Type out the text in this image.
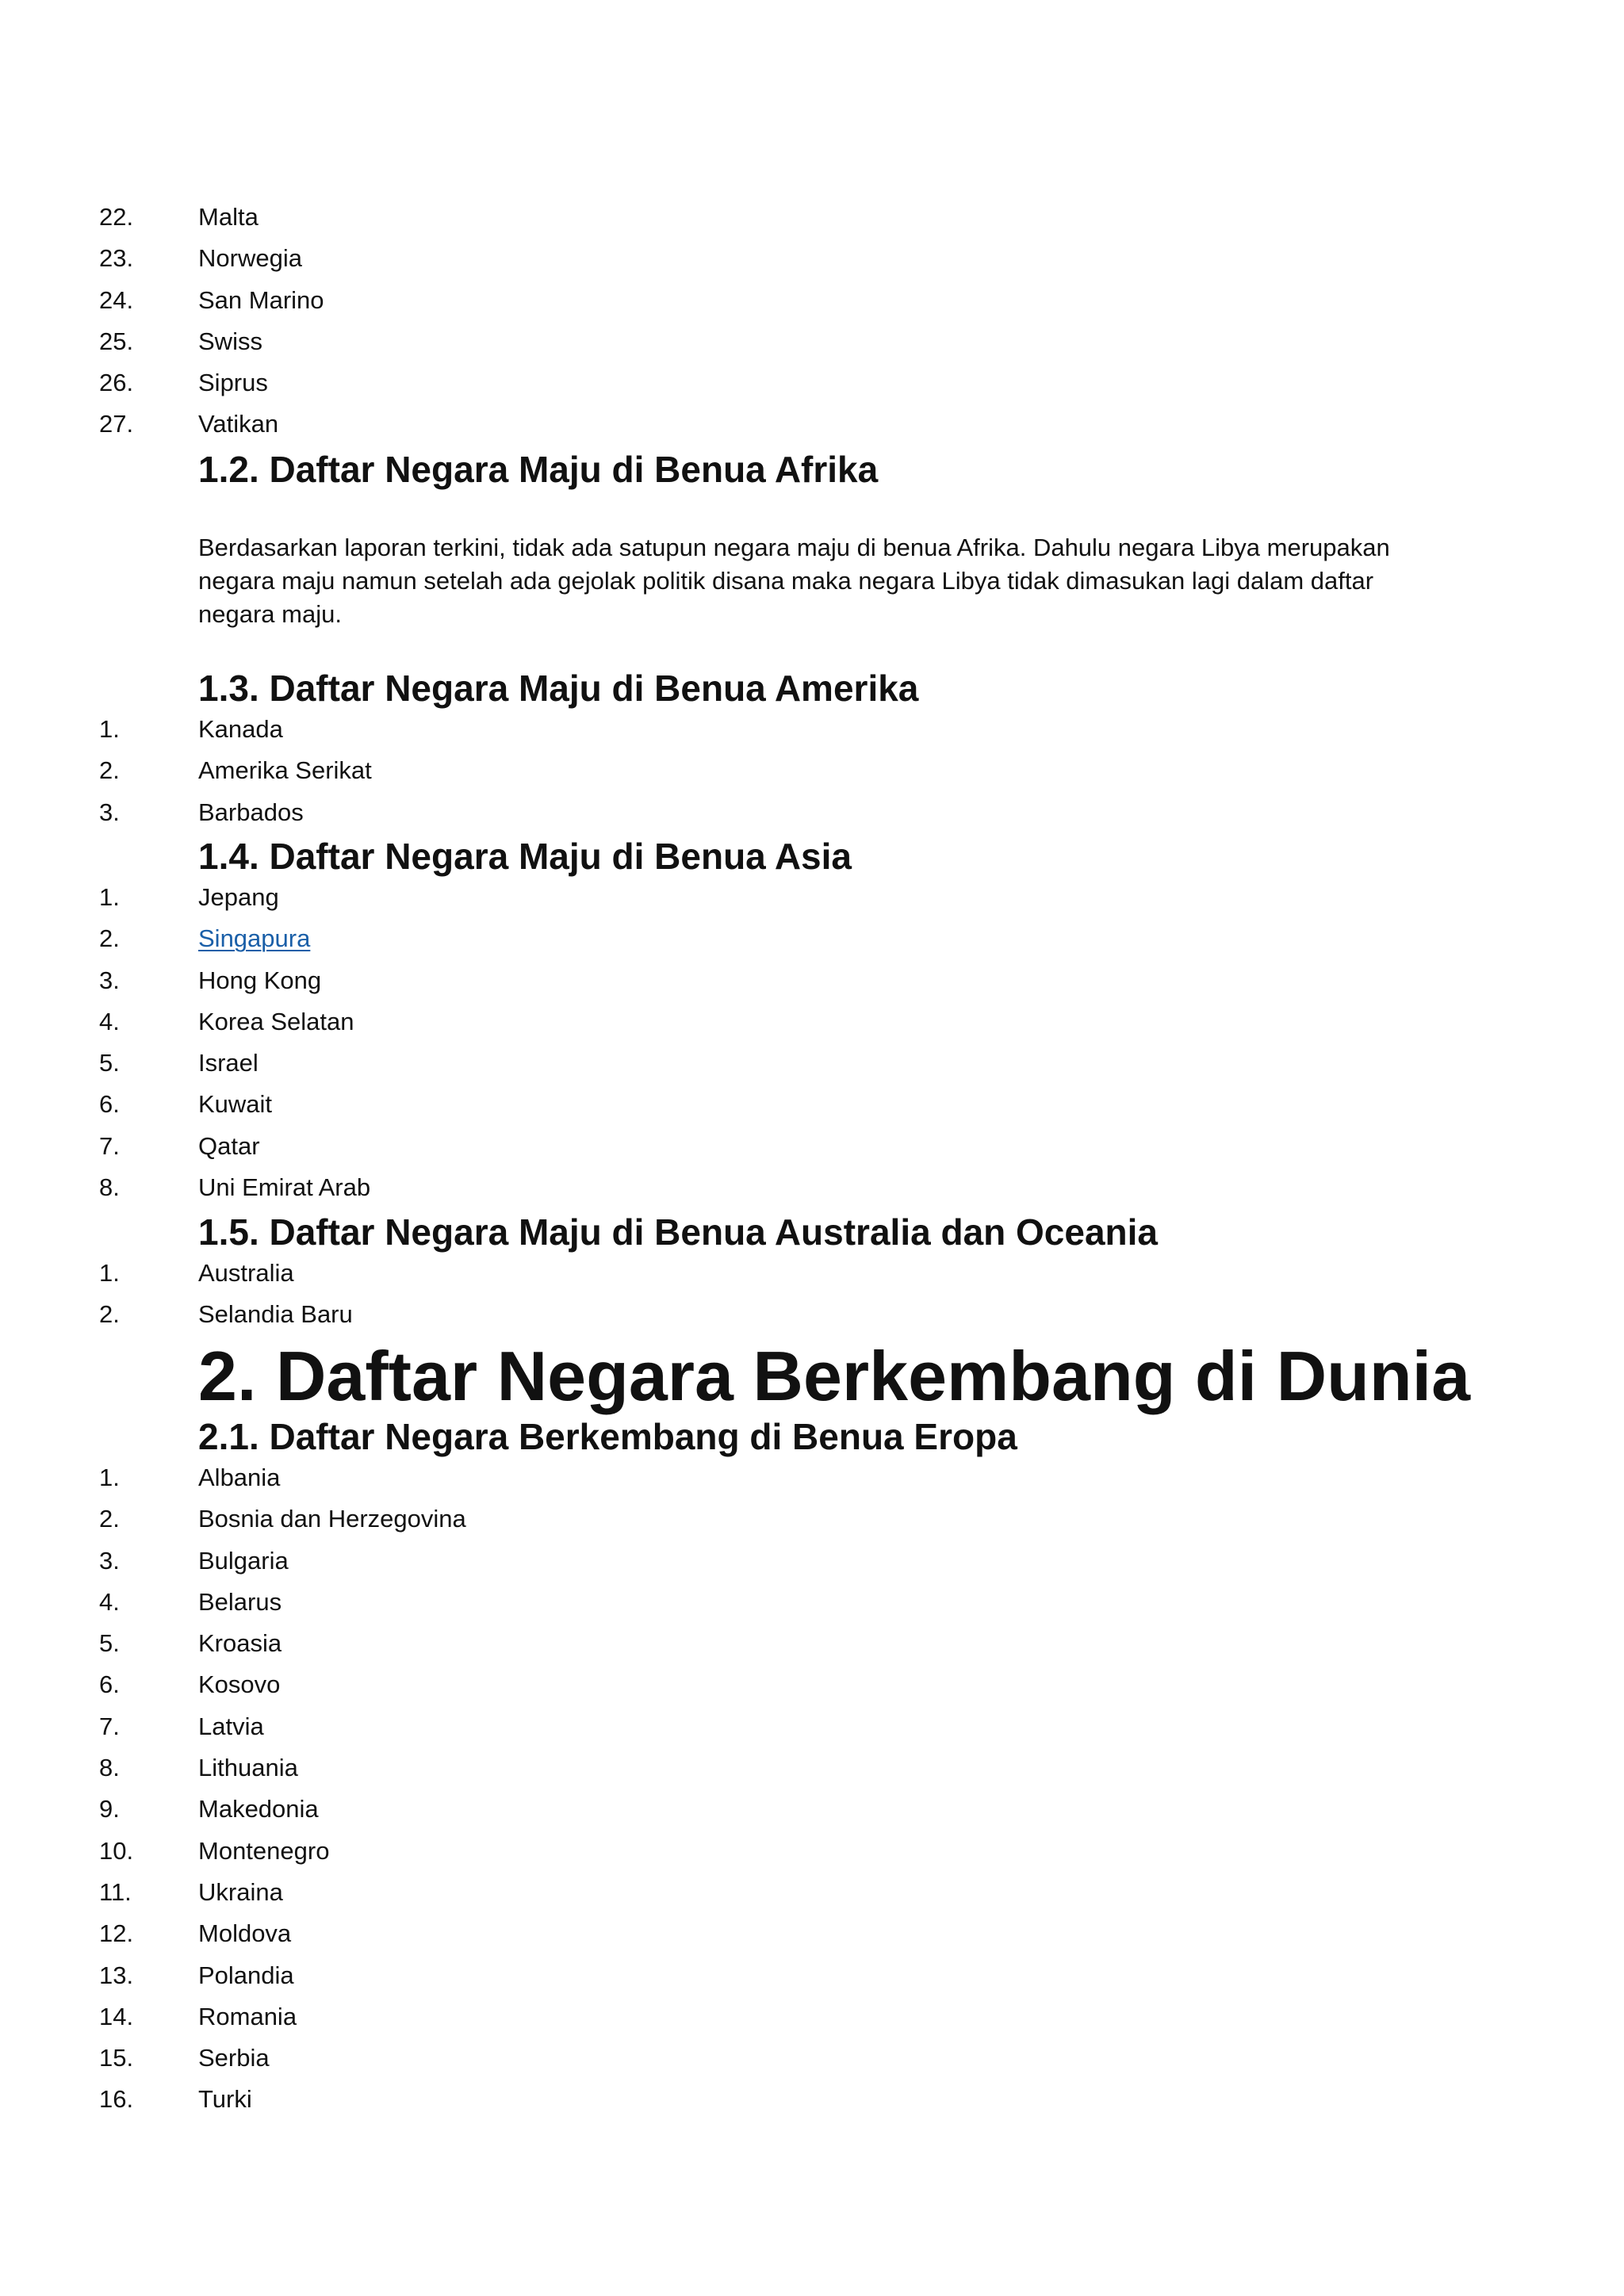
22.	Malta
23.	Norwegia
24.	San Marino
25.	Swiss
26.	Siprus
27.	Vatikan
1.2. Daftar Negara Maju di Benua Afrika

Berdasarkan laporan terkini, tidak ada satupun negara maju di benua Afrika. Dahulu negara Libya merupakan negara maju namun setelah ada gejolak politik disana maka negara Libya tidak dimasukan lagi dalam daftar negara maju.

1.3. Daftar Negara Maju di Benua Amerika
1.	Kanada
2.	Amerika Serikat
3.	Barbados
1.4. Daftar Negara Maju di Benua Asia
1.	Jepang
2.	Singapura
3.	Hong Kong
4.	Korea Selatan
5.	Israel
6.	Kuwait
7.	Qatar
8.	Uni Emirat Arab
1.5. Daftar Negara Maju di Benua Australia dan Oceania
1.	Australia
2.	Selandia Baru
2. Daftar Negara Berkembang di Dunia
2.1. Daftar Negara Berkembang di Benua Eropa
1.	Albania
2.	Bosnia dan Herzegovina
3.	Bulgaria
4.	Belarus
5.	Kroasia
6.	Kosovo
7.	Latvia
8.	Lithuania
9.	Makedonia
10.	Montenegro
11.	Ukraina
12.	Moldova
13.	Polandia
14.	Romania
15.	Serbia
16.	Turki
